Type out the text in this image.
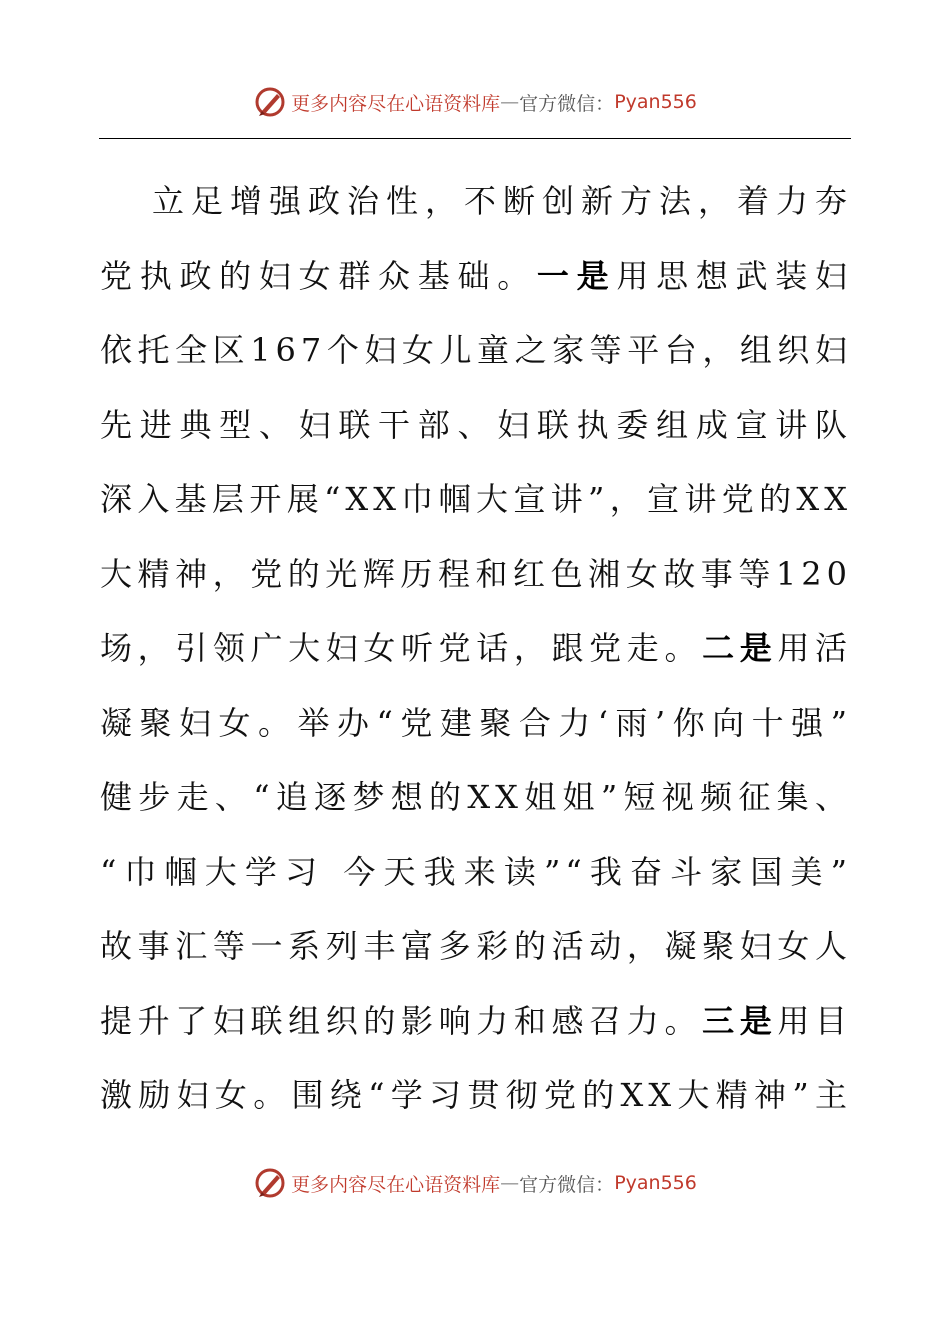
更多内容尽在心语资料库 — 官方微信： Pyan556
立足增强政治性，不断创新方法，着力夯
党执政的妇女群众基础。一是用思想武装妇
依托全区167个妇女儿童之家等平台，组织妇
先进典型、妇联干部、妇联执委组成宣讲队
深入基层开展“XX巾帼大宣讲”，宣讲党的XX
大精神，党的光辉历程和红色湘女故事等120
场，引领广大妇女听党话，跟党走。二是用活
凝聚妇女。举办“党建聚合力‘雨’你向十强”
健步走、“追逐梦想的XX姐姐”短视频征集、
“巾帼大学习 今天我来读”“我奋斗家国美”
故事汇等一系列丰富多彩的活动，凝聚妇女人
提升了妇联组织的影响力和感召力。三是用目
激励妇女。围绕“学习贯彻党的XX大精神”主
更多内容尽在心语资料库 — 官方微信： Pyan556
